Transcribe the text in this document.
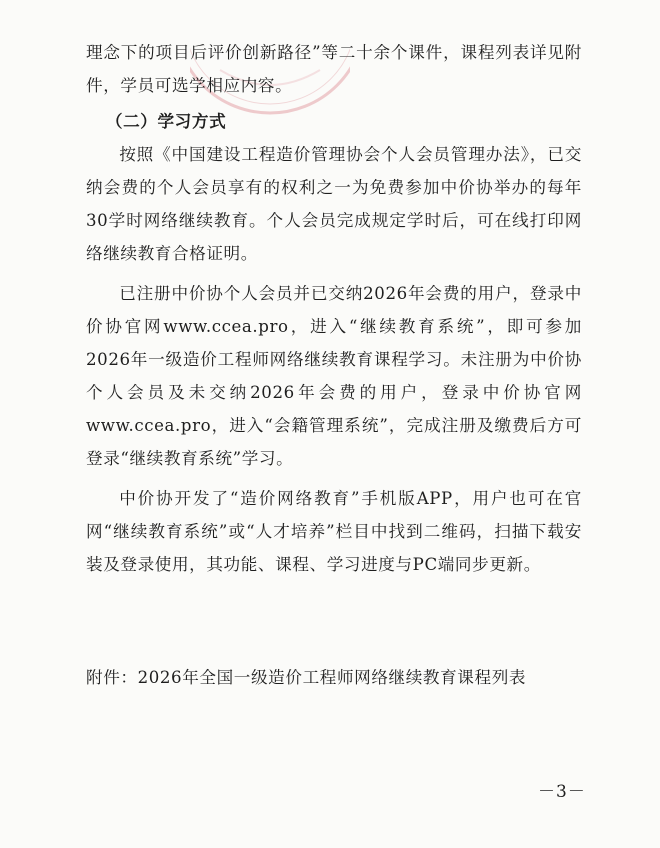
理念下的项目后评价创新路径”等二十余个课件，课程列表详见附件，学员可选学相应内容。

（二）学习方式

按照《中国建设工程造价管理协会个人会员管理办法》，已交纳会费的个人会员享有的权利之一为免费参加中价协举办的每年30学时网络继续教育。个人会员完成规定学时后，可在线打印网络继续教育合格证明。

已注册中价协个人会员并已交纳2026年会费的用户，登录中价协官网www.ccea.pro，进入“继续教育系统”，即可参加2026年一级造价工程师网络继续教育课程学习。未注册为中价协个人会员及未交纳2026年会费的用户，登录中价协官网www.ccea.pro，进入“会籍管理系统”，完成注册及缴费后方可登录“继续教育系统”学习。

中价协开发了“造价网络教育”手机版APP，用户也可在官网“继续教育系统”或“人才培养”栏目中找到二维码，扫描下载安装及登录使用，其功能、课程、学习进度与PC端同步更新。

附件：2026年全国一级造价工程师网络继续教育课程列表
－3－
